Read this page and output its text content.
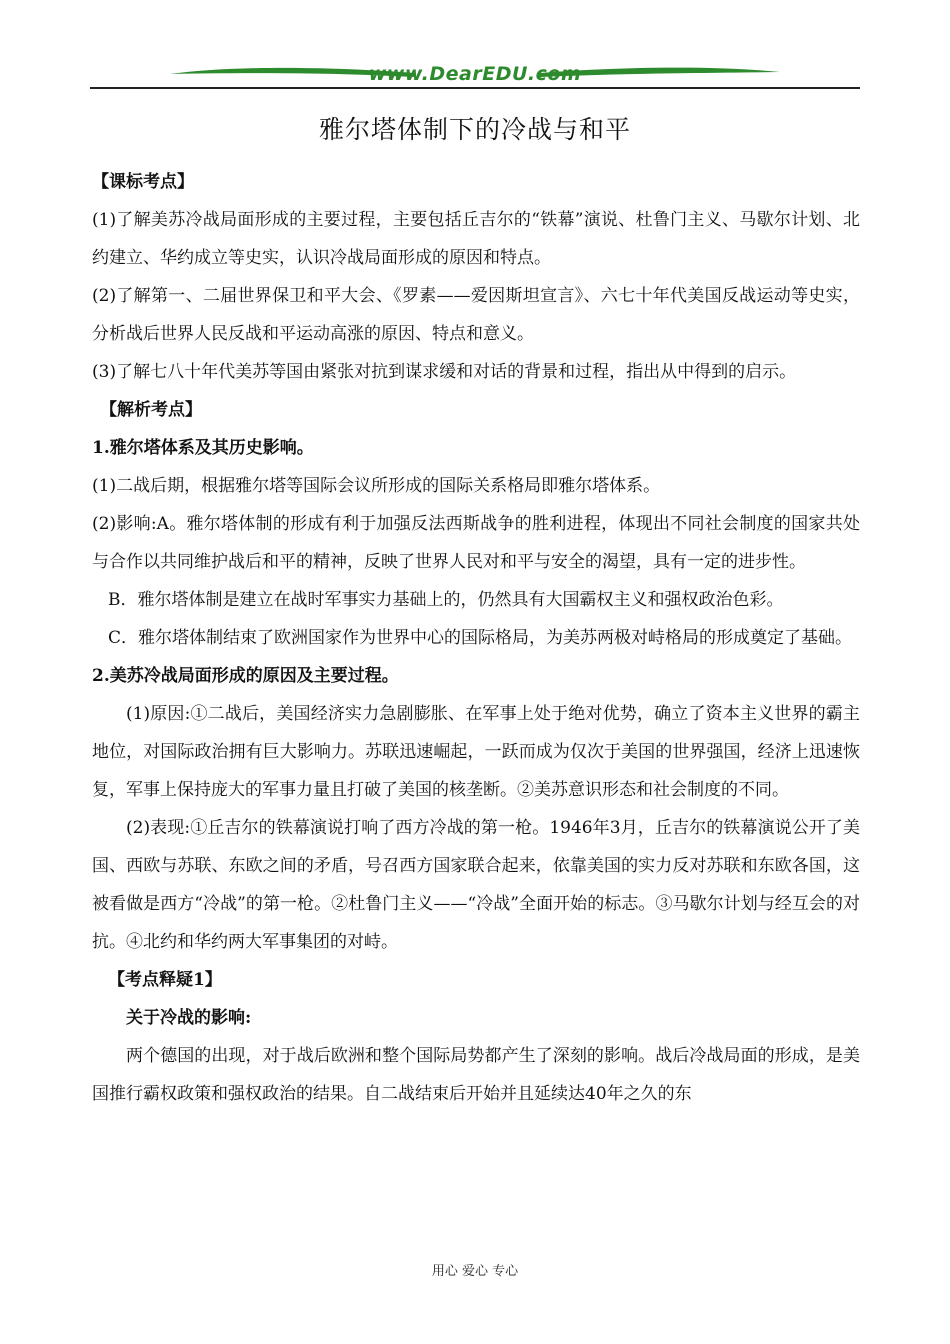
www.DearEDU.com
雅尔塔体制下的冷战与和平

【课标考点】

(1)了解美苏冷战局面形成的主要过程，主要包括丘吉尔的“铁幕”演说、杜鲁门主义、马歇尔计划、北约建立、华约成立等史实，认识冷战局面形成的原因和特点。

(2)了解第一、二届世界保卫和平大会、《罗素——爱因斯坦宣言》、六七十年代美国反战运动等史实，分析战后世界人民反战和平运动高涨的原因、特点和意义。

(3)了解七八十年代美苏等国由紧张对抗到谋求缓和对话的背景和过程，指出从中得到的启示。

【解析考点】

1.雅尔塔体系及其历史影响。

(1)二战后期，根据雅尔塔等国际会议所形成的国际关系格局即雅尔塔体系。

(2)影响:A。雅尔塔体制的形成有利于加强反法西斯战争的胜利进程，体现出不同社会制度的国家共处与合作以共同维护战后和平的精神，反映了世界人民对和平与安全的渴望，具有一定的进步性。

B．雅尔塔体制是建立在战时军事实力基础上的，仍然具有大国霸权主义和强权政治色彩。

C．雅尔塔体制结束了欧洲国家作为世界中心的国际格局，为美苏两极对峙格局的形成奠定了基础。

2.美苏冷战局面形成的原因及主要过程。

(1)原因:①二战后，美国经济实力急剧膨胀、在军事上处于绝对优势，确立了资本主义世界的霸主地位，对国际政治拥有巨大影响力。苏联迅速崛起，一跃而成为仅次于美国的世界强国，经济上迅速恢复，军事上保持庞大的军事力量且打破了美国的核垄断。②美苏意识形态和社会制度的不同。

(2)表现:①丘吉尔的铁幕演说打响了西方冷战的第一枪。1946年3月，丘吉尔的铁幕演说公开了美国、西欧与苏联、东欧之间的矛盾，号召西方国家联合起来，依靠美国的实力反对苏联和东欧各国，这被看做是西方“冷战”的第一枪。②杜鲁门主义——“冷战”全面开始的标志。③马歇尔计划与经互会的对抗。④北约和华约两大军事集团的对峙。

【考点释疑1】

关于冷战的影响:

两个德国的出现，对于战后欧洲和整个国际局势都产生了深刻的影响。战后冷战局面的形成，是美国推行霸权政策和强权政治的结果。自二战结束后开始并且延续达40年之久的东

用心 爱心 专心
